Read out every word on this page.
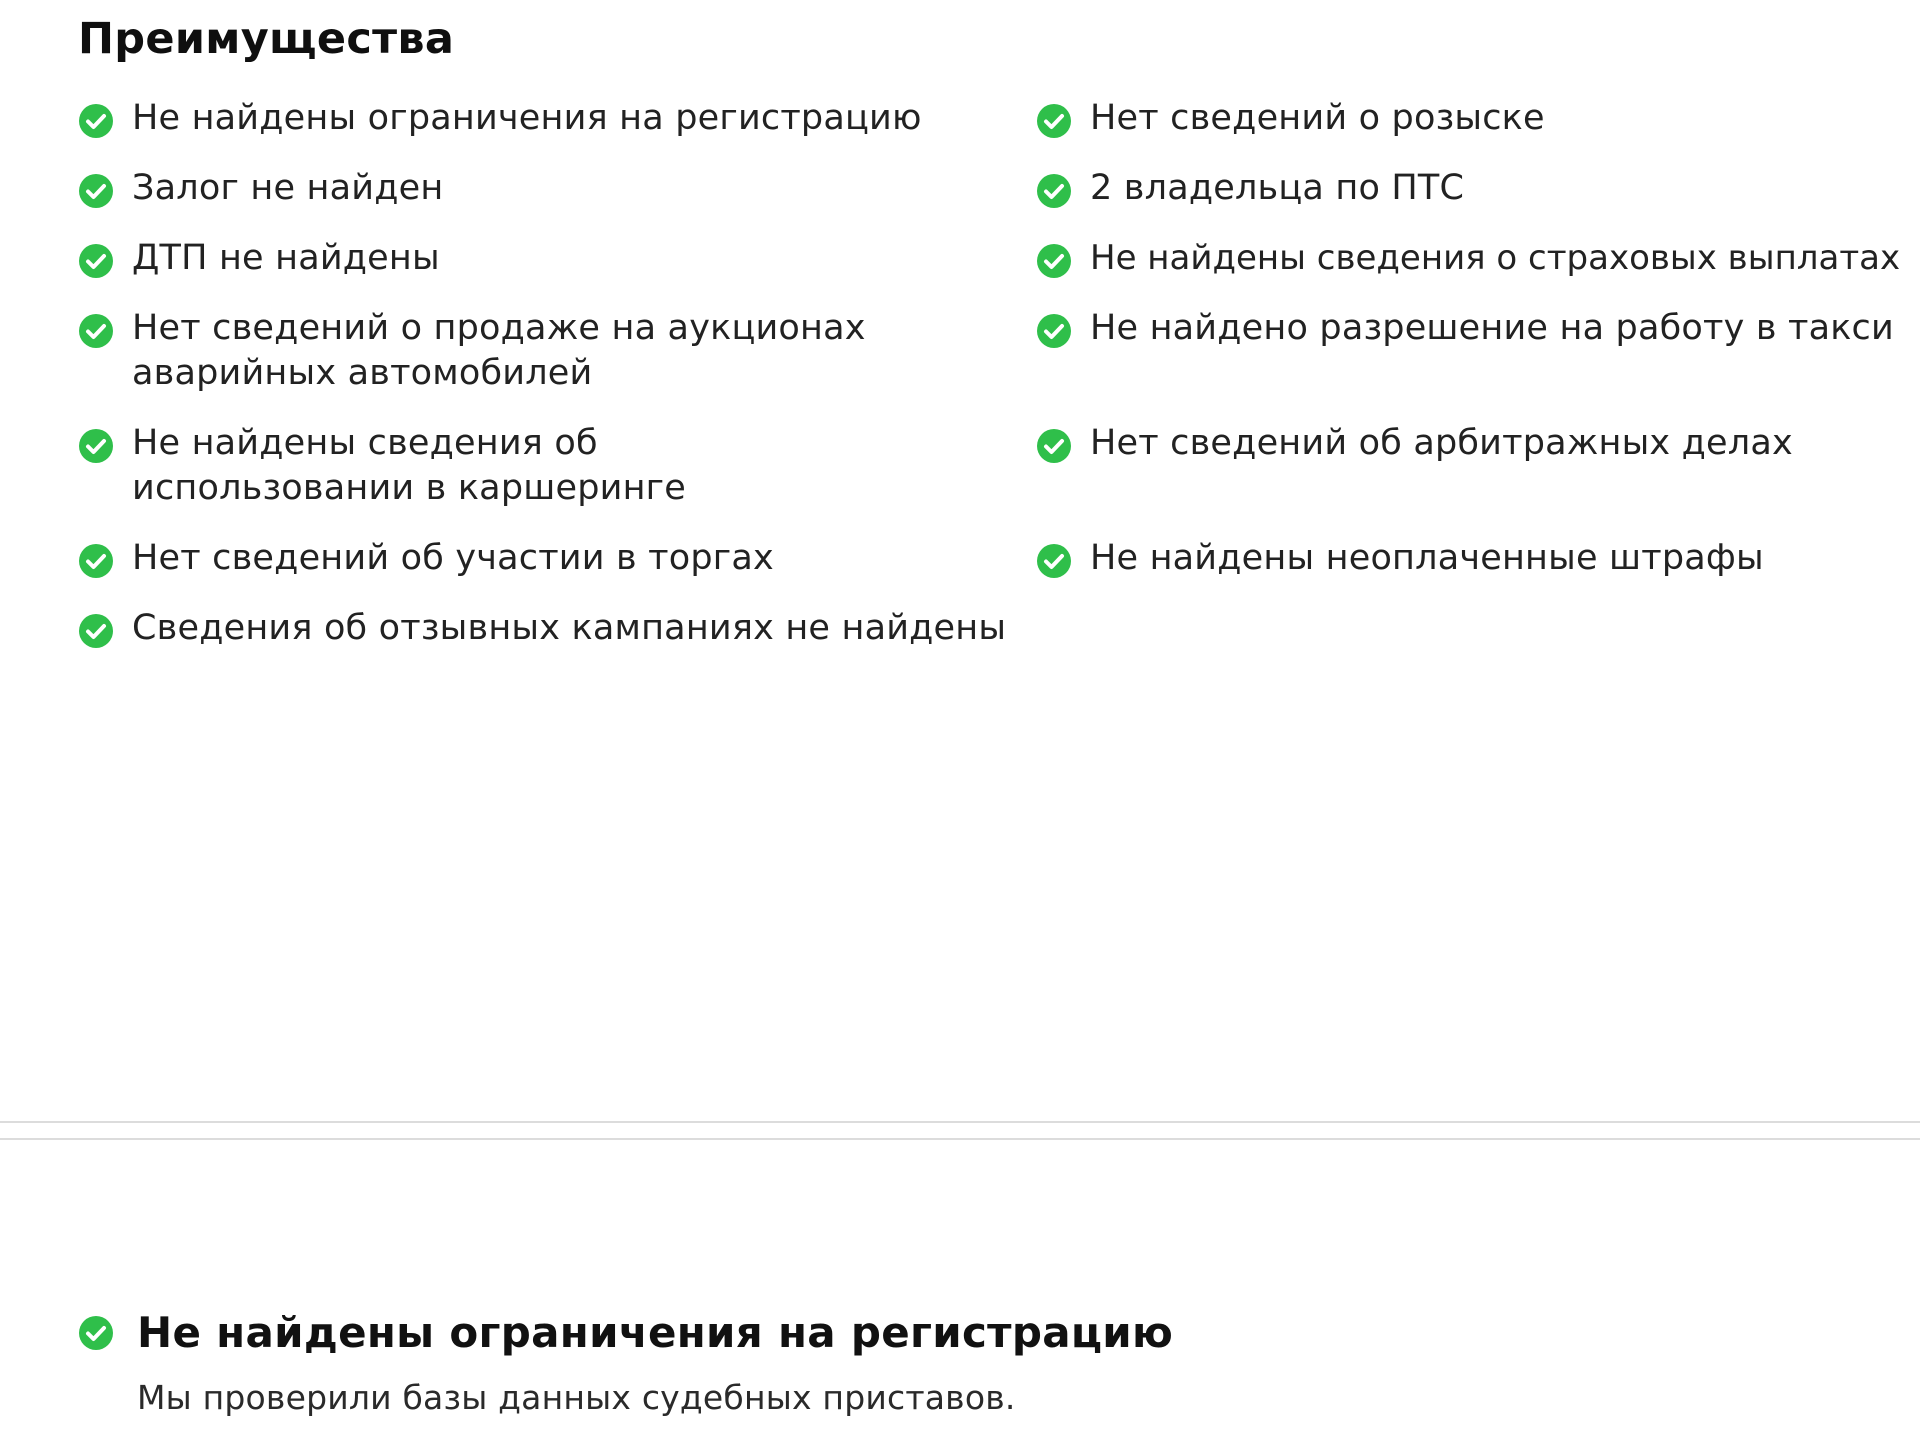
Преимущества
Не найдены ограничения на регистрацию
Залог не найден
ДТП не найдены
Нет сведений о продаже на аукционах аварийных автомобилей
Не найдены сведения об использовании в каршеринге
Нет сведений об участии в торгах
Сведения об отзывных кампаниях не найдены
Нет сведений о розыске
2 владельца по ПТС
Не найдены сведения о страховых выплатах
Не найдено разрешение на работу в такси
Нет сведений об арбитражных делах
Не найдены неоплаченные штрафы
Не найдены ограничения на регистрацию
Мы проверили базы данных судебных приставов.
